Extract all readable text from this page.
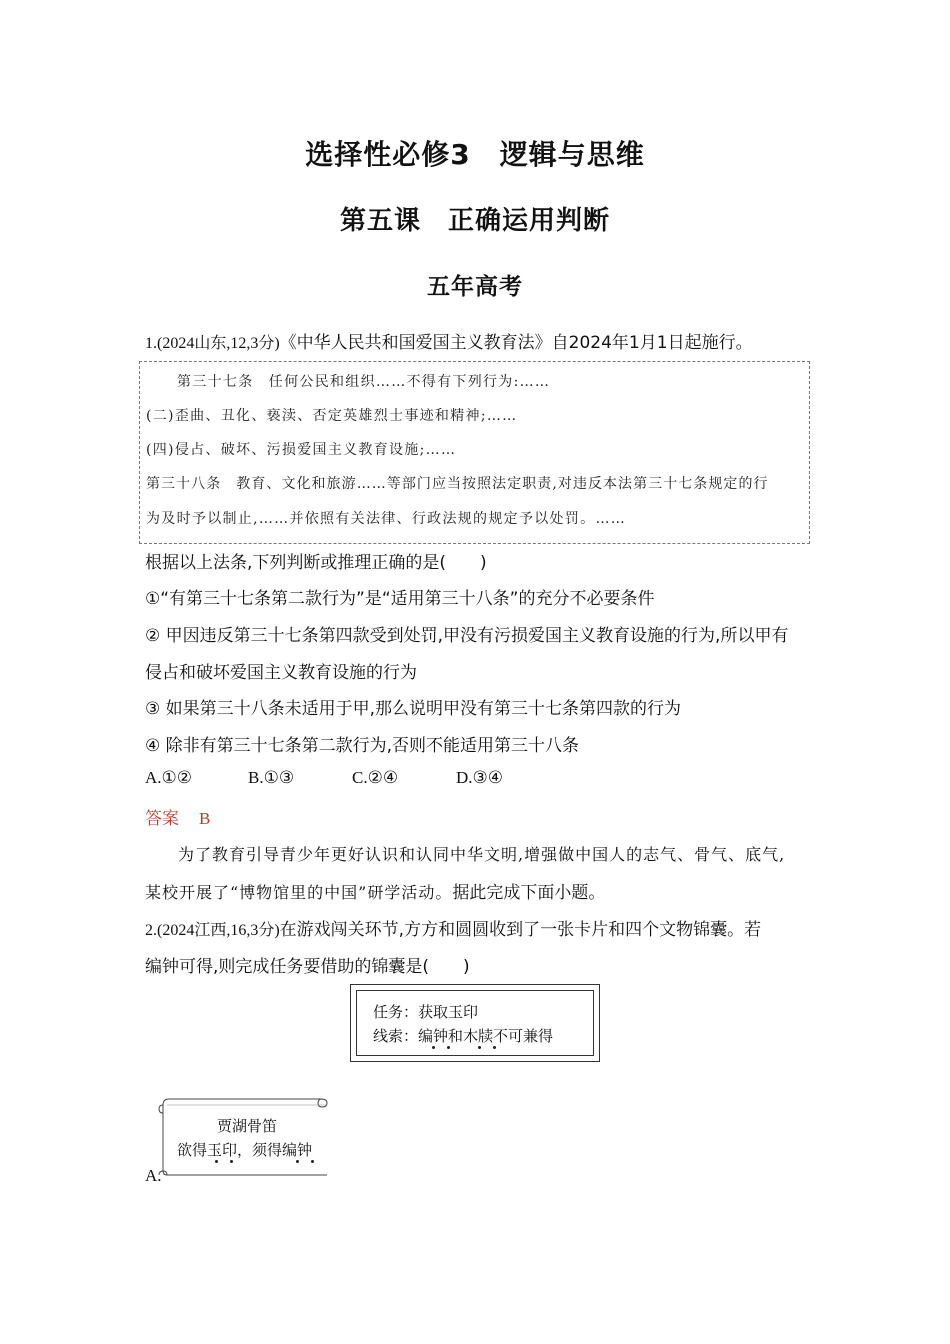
选择性必修3　逻辑与思维
第五课　正确运用判断
五年高考
1.(2024山东,12,3分)《中华人民共和国爱国主义教育法》自2024年1月1日起施行。
第三十七条　任何公民和组织……不得有下列行为:……
(二)歪曲、丑化、亵渎、否定英雄烈士事迹和精神;……
(四)侵占、破坏、污损爱国主义教育设施;……
第三十八条　教育、文化和旅游……等部门应当按照法定职责,对违反本法第三十七条规定的行
为及时予以制止,……并依照有关法律、行政法规的规定予以处罚。……
根据以上法条,下列判断或推理正确的是(　　)
①“有第三十七条第二款行为”是“适用第三十八条”的充分不必要条件
② 甲因违反第三十七条第四款受到处罚,甲没有污损爱国主义教育设施的行为,所以甲有
侵占和破坏爱国主义教育设施的行为
③ 如果第三十八条未适用于甲,那么说明甲没有第三十七条第四款的行为
④ 除非有第三十七条第二款行为,否则不能适用第三十八条
A.①②	B.①③	C.②④	D.③④
答案 B
为了教育引导青少年更好认识和认同中华文明,增强做中国人的志气、骨气、底气,
某校开展了“博物馆里的中国”研学活动。据此完成下面小题。
2.(2024江西,16,3分)在游戏闯关环节,方方和圆圆收到了一张卡片和四个文物锦囊。若
编钟可得,则完成任务要借助的锦囊是(　　)
任务：获取玉印
线索：编钟和木牍不可兼得
A.
贾湖骨笛
欲得玉印，须得编钟
